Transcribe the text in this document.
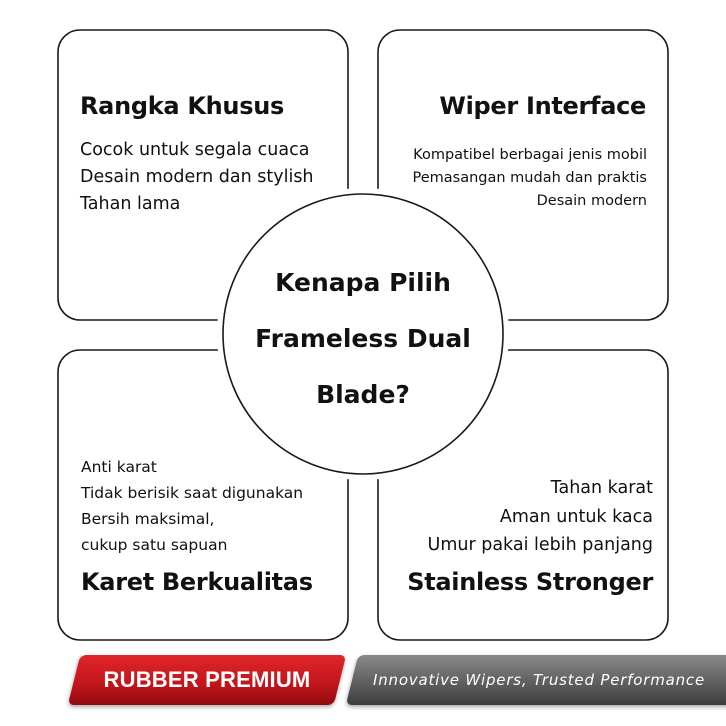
Rangka Khusus
Cocok untuk segala cuaca
Desain modern dan stylish
Tahan lama
Wiper Interface
Kompatibel berbagai jenis mobil
Pemasangan mudah dan praktis
Desain modern
Anti karat
Tidak berisik saat digunakan
Bersih maksimal,
cukup satu sapuan
Karet Berkualitas
Tahan karat
Aman untuk kaca
Umur pakai lebih panjang
Stainless Stronger
Kenapa Pilih
Frameless Dual
Blade?
RUBBER PREMIUM	Innovative Wipers, Trusted Performance
